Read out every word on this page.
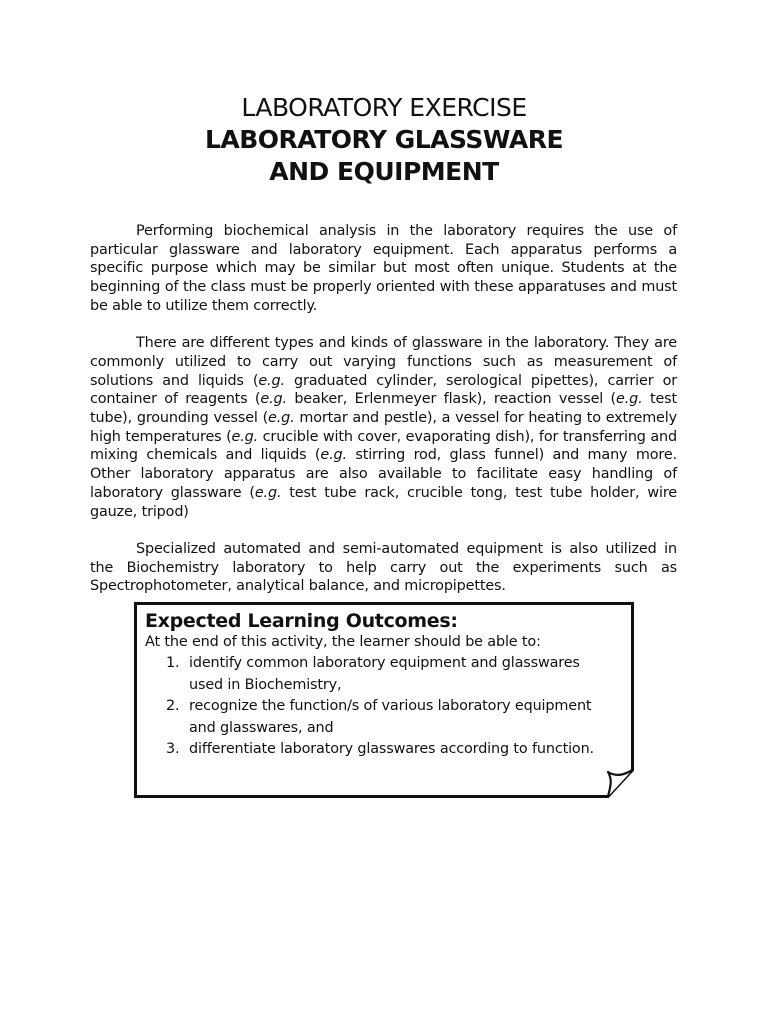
LABORATORY EXERCISE
LABORATORY GLASSWARE
AND EQUIPMENT

Performing biochemical analysis in the laboratory requires the use of particular glassware and laboratory equipment. Each apparatus performs a specific purpose which may be similar but most often unique. Students at the beginning of the class must be properly oriented with these apparatuses and must be able to utilize them correctly.

There are different types and kinds of glassware in the laboratory. They are commonly utilized to carry out varying functions such as measurement of solutions and liquids (e.g. graduated cylinder, serological pipettes), carrier or container of reagents (e.g. beaker, Erlenmeyer flask), reaction vessel (e.g. test tube), grounding vessel (e.g. mortar and pestle), a vessel for heating to extremely high temperatures (e.g. crucible with cover, evaporating dish), for transferring and mixing chemicals and liquids (e.g. stirring rod, glass funnel) and many more. Other laboratory apparatus are also available to facilitate easy handling of laboratory glassware (e.g. test tube rack, crucible tong, test tube holder, wire gauze, tripod)

Specialized automated and semi-automated equipment is also utilized in the Biochemistry laboratory to help carry out the experiments such as Spectrophotometer, analytical balance, and micropipettes.

Expected Learning Outcomes:
At the end of this activity, the learner should be able to:
1. identify common laboratory equipment and glasswares used in Biochemistry,
2. recognize the function/s of various laboratory equipment and glasswares, and
3. differentiate laboratory glasswares according to function.
